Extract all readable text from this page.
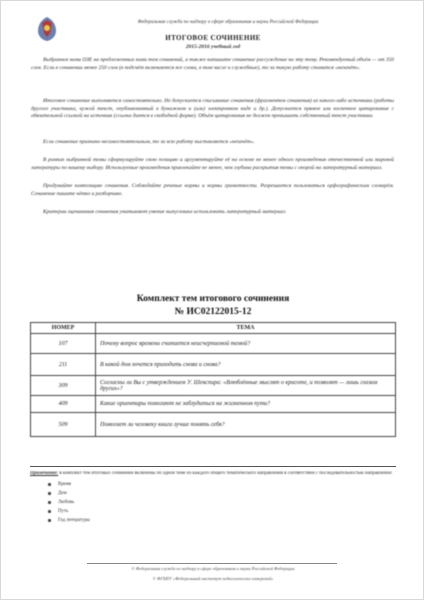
Федеральная служба по надзору в сфере образования и науки Российской Федерации
ИТОГОВОЕ СОЧИНЕНИЕ
2015-2016 учебный год

Выбранное вами ОЗЕ на предложенных вами тем сочинений, а также напишите сочинение рассуждение на эту тему. Рекомендуемый объём — от 350 слов. Если в сочинении менее 250 слов (в подсчёт включаются все слова, в том числе и служебные), то за такую работу ставится «незачёт».

Итоговое сочинение выполняется самостоятельно. Не допускается списывание сочинения (фрагментов сочинения) из какого-либо источника (работы другого участника, чужой текст, опубликованный в бумажном и (или) электронном виде и др.). Допускается прямое или косвенное цитирование с обязательной ссылкой на источник (ссылка дается в свободной форме). Объём цитирования не должен превышать собственный текст участника.

Если сочинение признано несамостоятельным, то за всю работу выставляется «незачёт».

В рамках выбранной темы сформулируйте свою позицию и аргументируйте её на основе не менее одного произведения отечественной или мировой литературы по вашему выбору. Используемые произведения привлекайте не менее, чем глубина раскрытия темы с опорой на литературный материал.

Продумайте композицию сочинения. Соблюдайте речевые нормы и нормы грамотности. Разрешается пользоваться орфографическим словарём. Сочинение пишите чётко и разборчиво.

Критерии оценивания сочинения учитывают умение выпускника использовать литературный материал.

Комплект тем итогового сочинения
№ ИС02122015-12
НОМЕР	ТЕМА
107	Почему вопрос времени считается неисчерпаемой темой?
211	В какой дом хочется приходить снова и снова?
309	Согласны ли Вы с утверждением У. Шекспира: «Влюблённые мыслят о красоте, и позволят — лишь глазам других»?
409	Какие ориентиры помогают не заблудиться на жизненном пути?
509	Помогает ли человеку книга лучше понять себя?
Примечание: в комплект тем итоговых сочинений включены по одной теме из каждого общего тематического направления в соответствии с последовательностью направлений:
Время
Дом
Любовь
Путь
Год литературы
© Федеральная служба по надзору в сфере образования и науки Российской Федерации
© ФГБНУ «Федеральный институт педагогических измерений»
